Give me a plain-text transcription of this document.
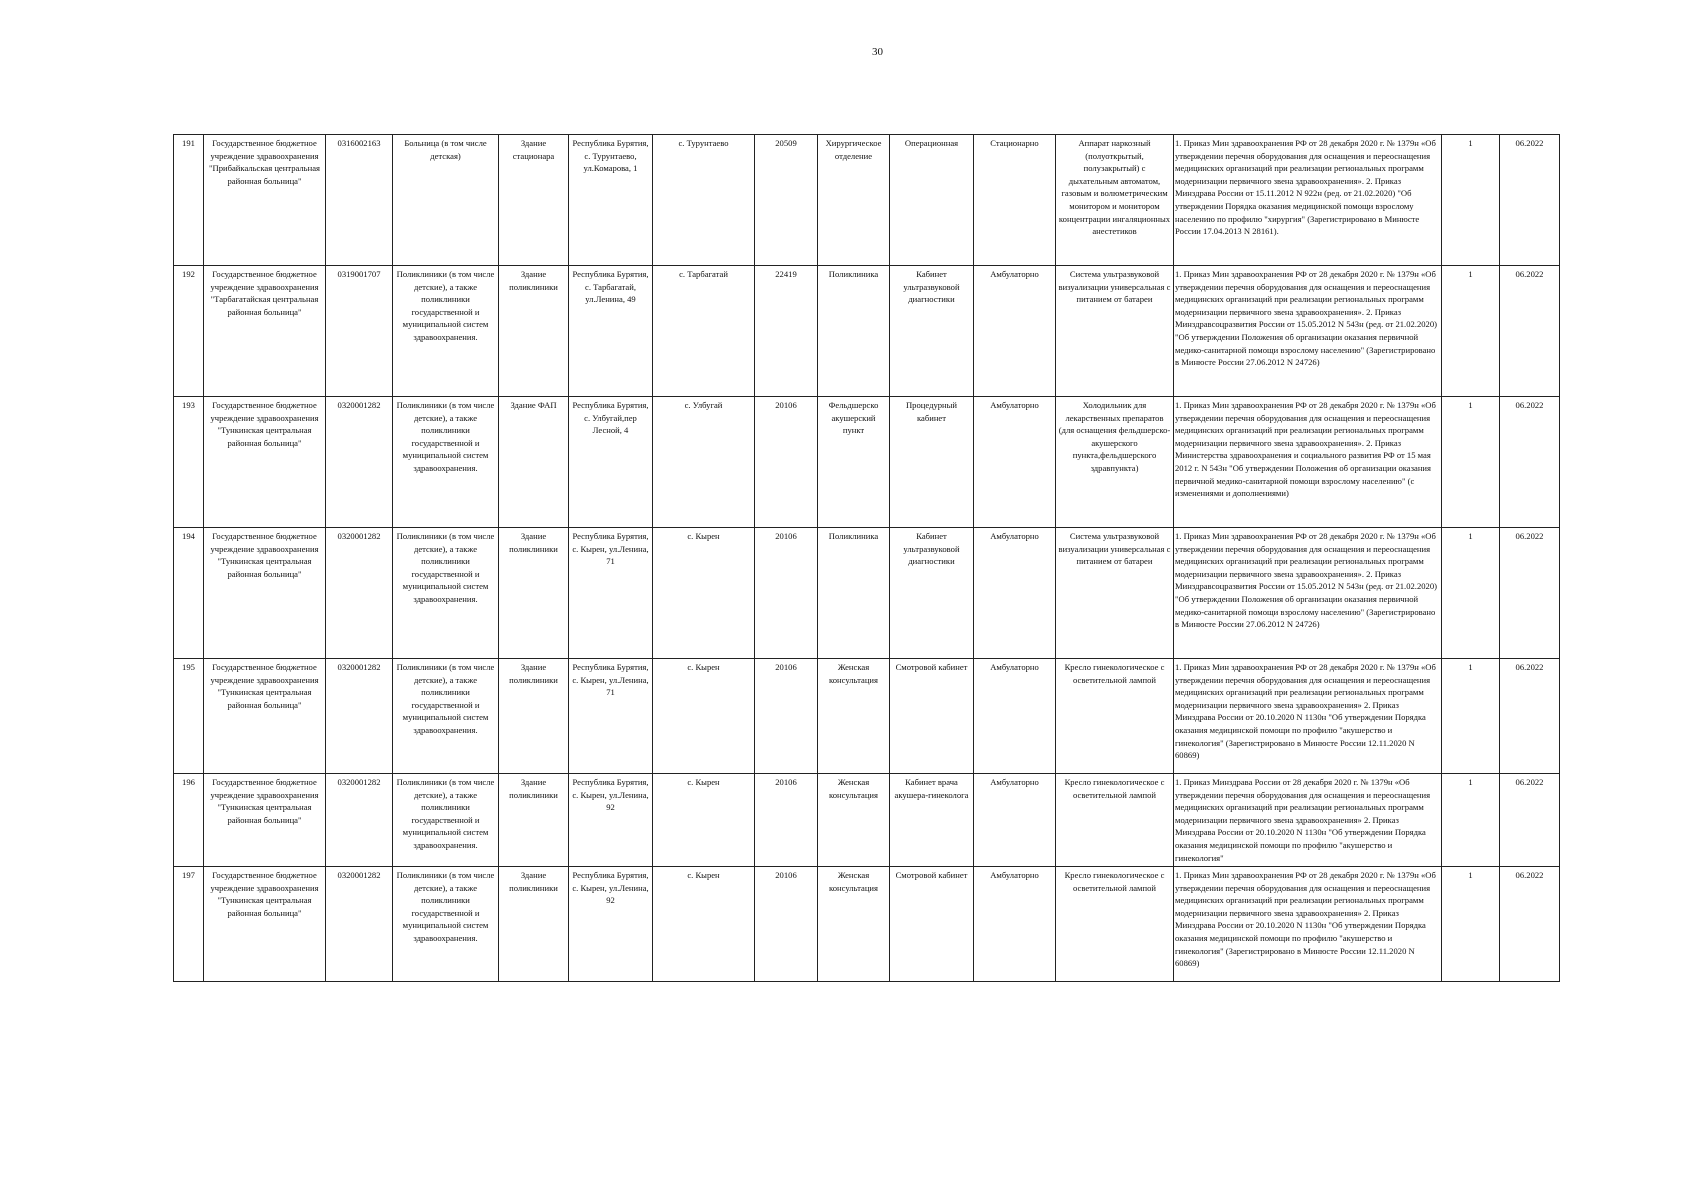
30
191	Государственное бюджетное учреждение здравоохранения "Прибайкальская центральная районная больница"	0316002163	Больница (в том числе детская)	Здание стационара	Республика Бурятия, с. Турунтаево, ул.Комарова, 1	с. Турунтаево	20509	Хирургическое отделение	Операционная	Стационарно	Аппарат наркозный (полуоткрытый, полузакрытый) с дыхательным автоматом, газовым и волюметрическим монитором и монитором концентрации ингаляционных анестетиков	1. Приказ Мин здравоохранения РФ от 28 декабря 2020 г. № 1379н «Об утверждении перечня оборудования для оснащения и переоснащения медицинских организаций при реализации региональных программ модернизации первичного звена здравоохранения». 2. Приказ Минздрава России от 15.11.2012 N 922н (ред. от 21.02.2020) "Об утверждении Порядка оказания медицинской помощи взрослому населению по профилю "хирургия" (Зарегистрировано в Минюсте России 17.04.2013 N 28161).	1	06.2022
192	Государственное бюджетное учреждение здравоохранения "Тарбагатайская центральная районная больница"	0319001707	Поликлиники (в том числе детские), а также поликлиники государственной и муниципальной систем здравоохранения.	Здание поликлиники	Республика Бурятия, с. Тарбагатай, ул.Ленина, 49	с. Тарбагатай	22419	Поликлиника	Кабинет ультразвуковой диагностики	Амбулаторно	Система ультразвуковой визуализации универсальная с питанием от батареи	1. Приказ Мин здравоохранения РФ от 28 декабря 2020 г. № 1379н «Об утверждении перечня оборудования для оснащения и переоснащения медицинских организаций при реализации региональных программ модернизации первичного звена здравоохранения». 2. Приказ Минздравсоцразвития России от 15.05.2012 N 543н (ред. от 21.02.2020) "Об утверждении Положения об организации оказания первичной медико-санитарной помощи взрослому населению" (Зарегистрировано в Минюсте России 27.06.2012 N 24726)	1	06.2022
193	Государственное бюджетное учреждение здравоохранения "Тункинская центральная районная больница"	0320001282	Поликлиники (в том числе детские), а также поликлиники государственной и муниципальной систем здравоохранения.	Здание ФАП	Республика Бурятия, с. Улбугай,пер Лесной, 4	с. Улбугай	20106	Фельдшерско акушерский пункт	Процедурный кабинет	Амбулаторно	Холодильник для лекарственных препаратов (для оснащения фельдшерско-акушерского пункта,фельдшерского здравпункта)	1. Приказ Мин здравоохранения РФ от 28 декабря 2020 г. № 1379н «Об утверждении перечня оборудования для оснащения и переоснащения медицинских организаций при реализации региональных программ модернизации первичного звена здравоохранения». 2. Приказ Министерства здравоохранения и социального развития РФ от 15 мая 2012 г. N 543н "Об утверждении Положения об организации оказания первичной медико-санитарной помощи взрослому населению" (с изменениями и дополнениями)	1	06.2022
194	Государственное бюджетное учреждение здравоохранения "Тункинская центральная районная больница"	0320001282	Поликлиники (в том числе детские), а также поликлиники государственной и муниципальной систем здравоохранения.	Здание поликлиники	Республика Бурятия, с. Кырен, ул.Ленина, 71	с. Кырен	20106	Поликлиника	Кабинет ультразвуковой диагностики	Амбулаторно	Система ультразвуковой визуализации универсальная с питанием от батареи	1. Приказ Мин здравоохранения РФ от 28 декабря 2020 г. № 1379н «Об утверждении перечня оборудования для оснащения и переоснащения медицинских организаций при реализации региональных программ модернизации первичного звена здравоохранения». 2. Приказ Минздравсоцразвития России от 15.05.2012 N 543н (ред. от 21.02.2020) "Об утверждении Положения об организации оказания первичной медико-санитарной помощи взрослому населению" (Зарегистрировано в Минюсте России 27.06.2012 N 24726)	1	06.2022
195	Государственное бюджетное учреждение здравоохранения "Тункинская центральная районная больница"	0320001282	Поликлиники (в том числе детские), а также поликлиники государственной и муниципальной систем здравоохранения.	Здание поликлиники	Республика Бурятия, с. Кырен, ул.Ленина, 71	с. Кырен	20106	Женская консультация	Смотровой кабинет	Амбулаторно	Кресло гинекологическое с осветительной лампой	1. Приказ Мин здравоохранения РФ от 28 декабря 2020 г. № 1379н «Об утверждении перечня оборудования для оснащения и переоснащения медицинских организаций при реализации региональных программ модернизации первичного звена здравоохранения» 2. Приказ Минздрава России от 20.10.2020 N 1130н "Об утверждении Порядка оказания медицинской помощи по профилю "акушерство и гинекология" (Зарегистрировано в Минюсте России 12.11.2020 N 60869)	1	06.2022
196	Государственное бюджетное учреждение здравоохранения "Тункинская центральная районная больница"	0320001282	Поликлиники (в том числе детские), а также поликлиники государственной и муниципальной систем здравоохранения.	Здание поликлиники	Республика Бурятия, с. Кырен, ул.Ленина, 92	с. Кырен	20106	Женская консультация	Кабинет врача акушера-гинеколога	Амбулаторно	Кресло гинекологическое с осветительной лампой	1. Приказ Минздрава России от 28 декабря 2020 г. № 1379н «Об утверждении перечня оборудования для оснащения и переоснащения медицинских организаций при реализации региональных программ модернизации первичного звена здравоохранения» 2. Приказ Минздрава России от 20.10.2020 N 1130н "Об утверждении Порядка оказания медицинской помощи по профилю "акушерство и гинекология"	1	06.2022
197	Государственное бюджетное учреждение здравоохранения "Тункинская центральная районная больница"	0320001282	Поликлиники (в том числе детские), а также поликлиники государственной и муниципальной систем здравоохранения.	Здание поликлиники	Республика Бурятия, с. Кырен, ул.Ленина, 92	с. Кырен	20106	Женская консультация	Смотровой кабинет	Амбулаторно	Кресло гинекологическое с осветительной лампой	1. Приказ Мин здравоохранения РФ от 28 декабря 2020 г. № 1379н «Об утверждении перечня оборудования для оснащения и переоснащения медицинских организаций при реализации региональных программ модернизации первичного звена здравоохранения» 2. Приказ Минздрава России от 20.10.2020 N 1130н "Об утверждении Порядка оказания медицинской помощи по профилю "акушерство и гинекология" (Зарегистрировано в Минюсте России 12.11.2020 N 60869)	1	06.2022
